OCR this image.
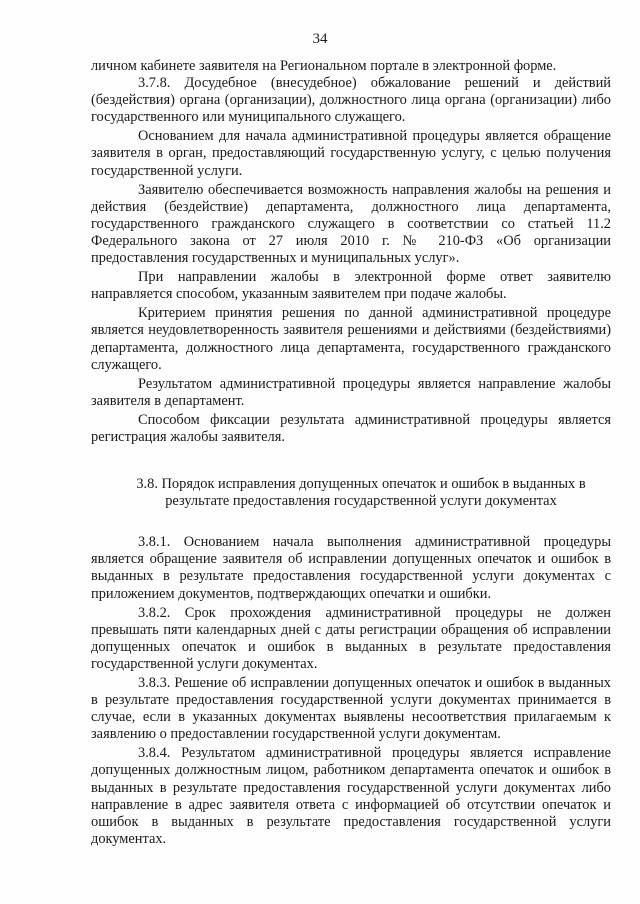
34

личном кабинете заявителя на Региональном портале в электронной форме.

3.7.8. Досудебное (внесудебное) обжалование решений и действий (бездействия) органа (организации), должностного лица органа (организации) либо государственного или муниципального служащего.

Основанием для начала административной процедуры является обращение заявителя в орган, предоставляющий государственную услугу, с целью получения государственной услуги.

Заявителю обеспечивается возможность направления жалобы на решения и действия (бездействие) департамента, должностного лица департамента, государственного гражданского служащего в соответствии со статьей 11.2 Федерального закона от 27 июля 2010 г. № 210-ФЗ «Об организации предоставления государственных и муниципальных услуг».

При направлении жалобы в электронной форме ответ заявителю направляется способом, указанным заявителем при подаче жалобы.

Критерием принятия решения по данной административной процедуре является неудовлетворенность заявителя решениями и действиями (бездействиями) департамента, должностного лица департамента, государственного гражданского служащего.

Результатом административной процедуры является направление жалобы заявителя в департамент.

Способом фиксации результата административной процедуры является регистрация жалобы заявителя.

3.8. Порядок исправления допущенных опечаток и ошибок в выданных в результате предоставления государственной услуги документах

3.8.1. Основанием начала выполнения административной процедуры является обращение заявителя об исправлении допущенных опечаток и ошибок в выданных в результате предоставления государственной услуги документах с приложением документов, подтверждающих опечатки и ошибки.

3.8.2. Срок прохождения административной процедуры не должен превышать пяти календарных дней с даты регистрации обращения об исправлении допущенных опечаток и ошибок в выданных в результате предоставления государственной услуги документах.

3.8.3. Решение об исправлении допущенных опечаток и ошибок в выданных в результате предоставления государственной услуги документах принимается в случае, если в указанных документах выявлены несоответствия прилагаемым к заявлению о предоставлении государственной услуги документам.

3.8.4. Результатом административной процедуры является исправление допущенных должностным лицом, работником департамента опечаток и ошибок в выданных в результате предоставления государственной услуги документах либо направление в адрес заявителя ответа с информацией об отсутствии опечаток и ошибок в выданных в результате предоставления государственной услуги документах.
